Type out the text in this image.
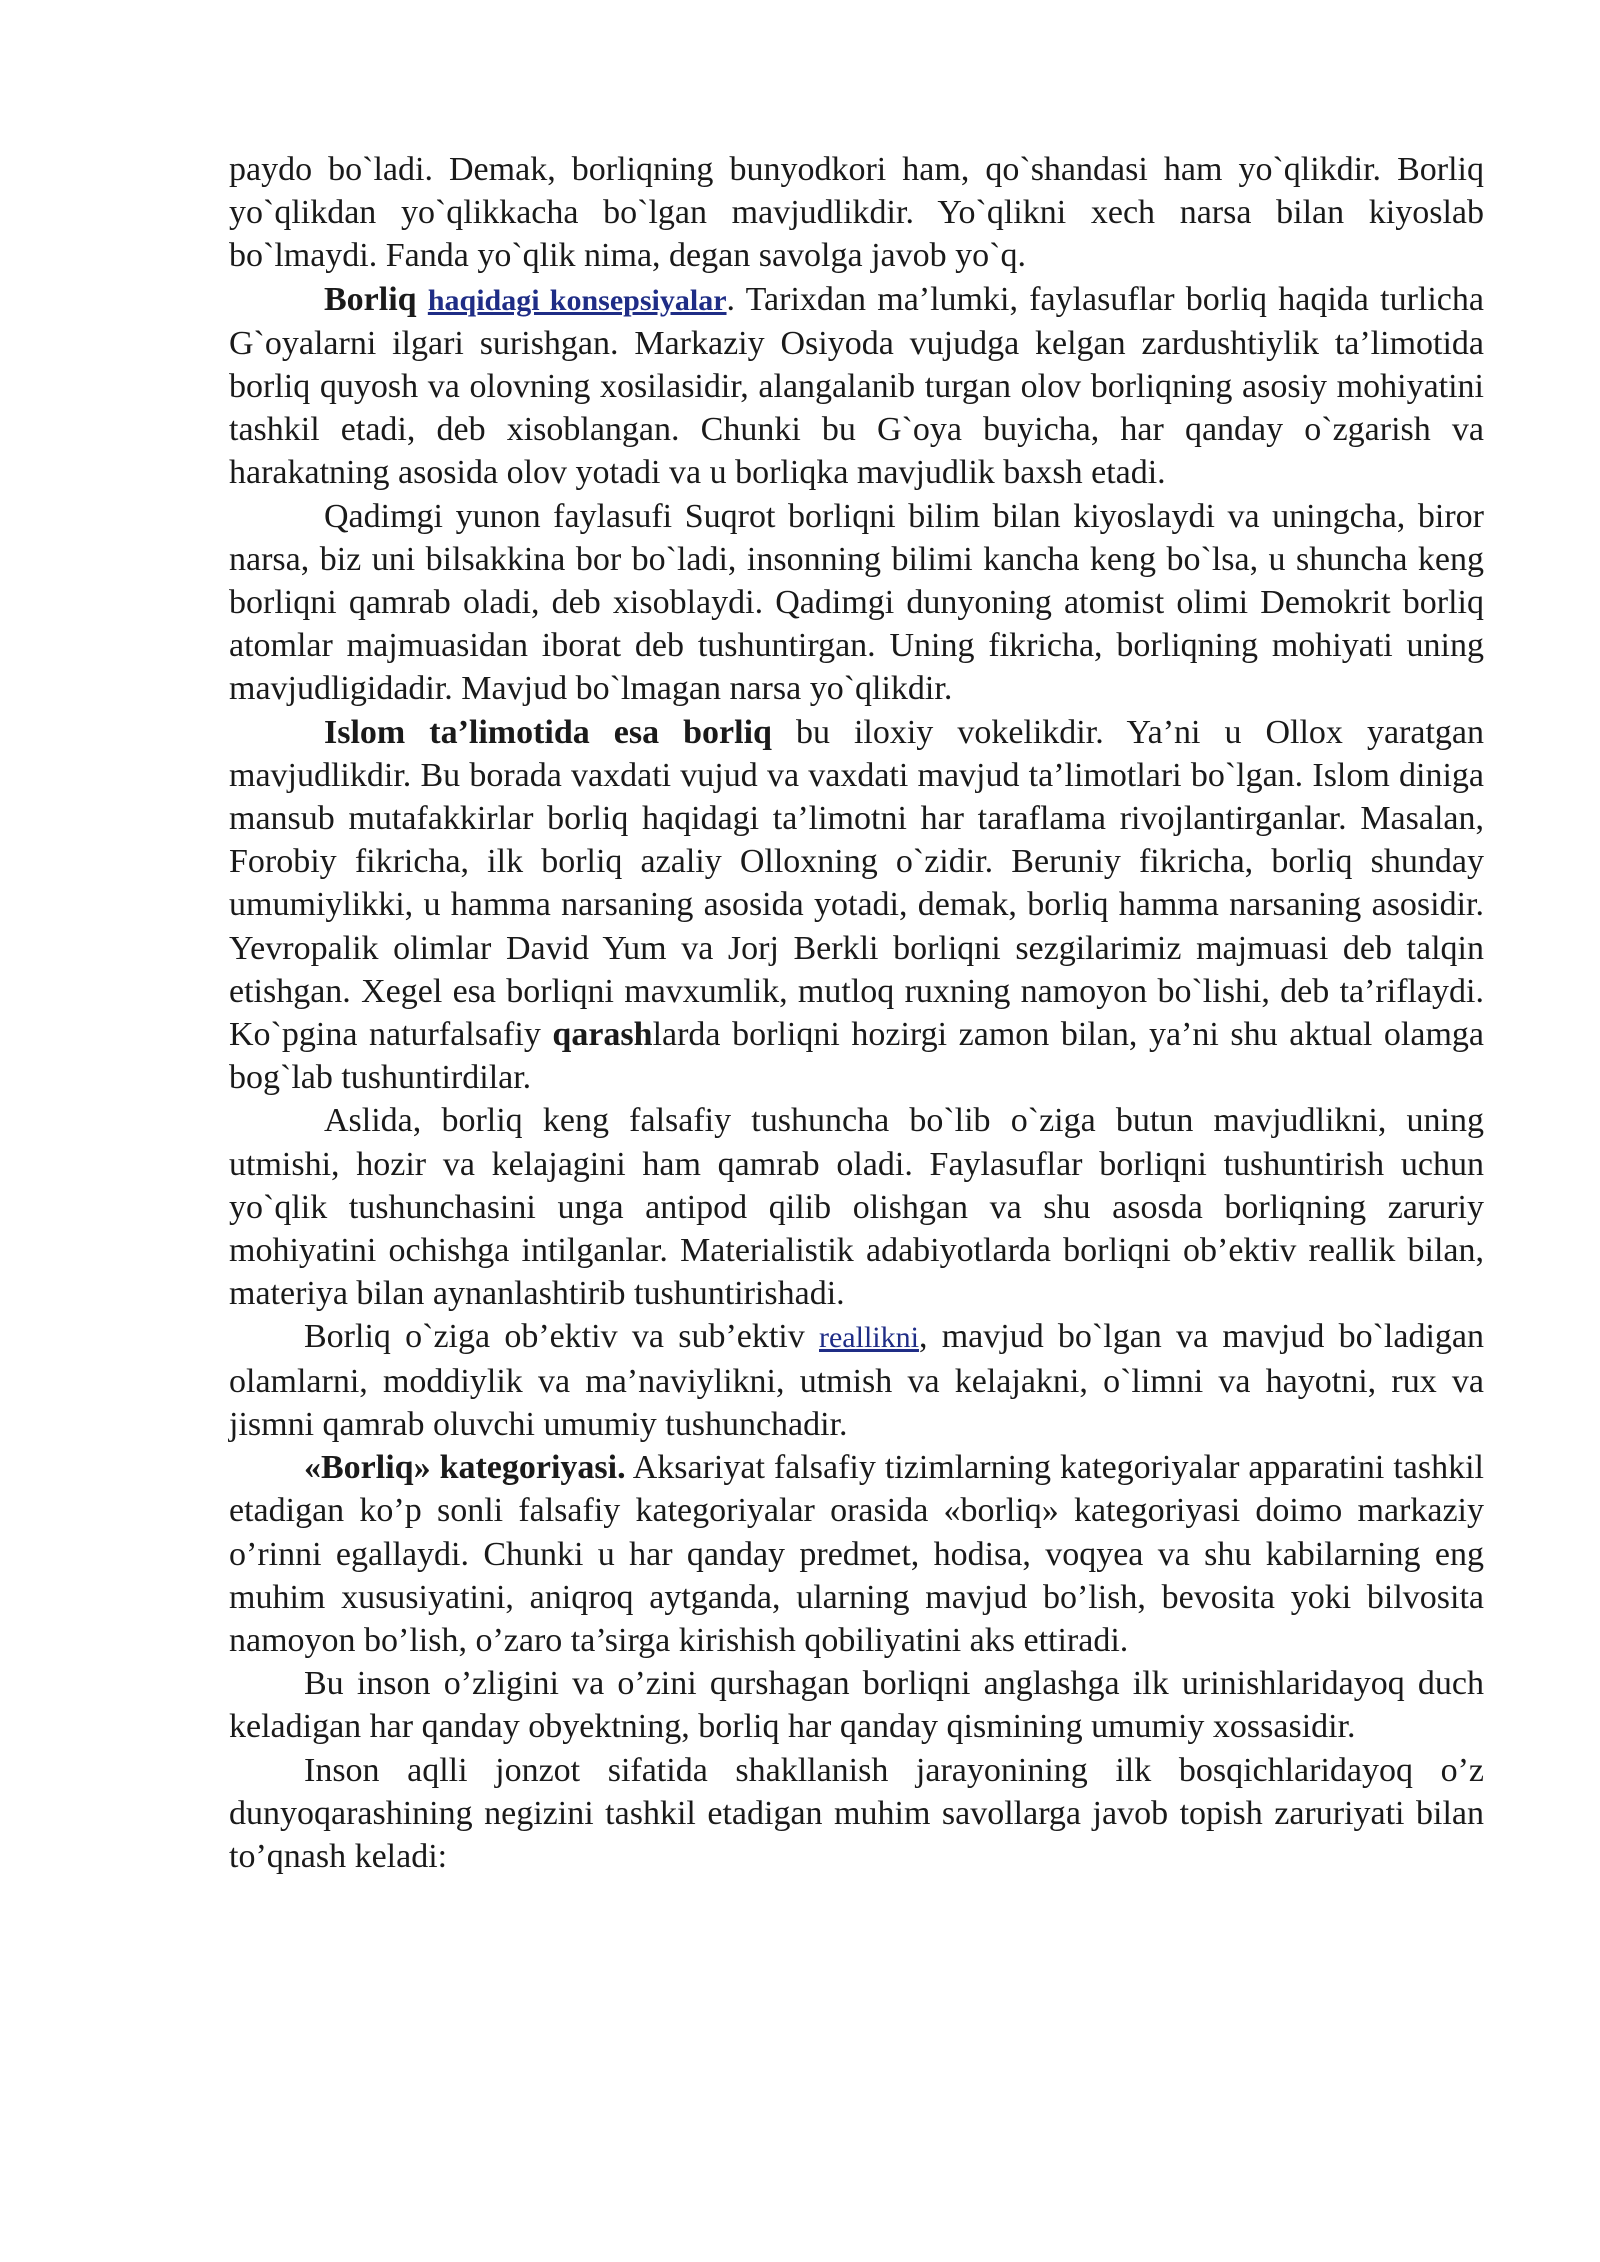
paydo bo`ladi. Demak, borliqning bunyodkori ham, qo`shandasi ham yo`qlikdir. Borliq yo`qlikdan yo`qlikkacha bo`lgan mavjudlikdir. Yo`qlikni xech narsa bilan kiyoslab bo`lmaydi. Fanda yo`qlik nima, degan savolga javob yo`q.

Borliq haqidagi konsepsiyalar. Tarixdan ma’lumki, faylasuflar borliq haqida turlicha G`oyalarni ilgari surishgan. Markaziy Osiyoda vujudga kelgan zardushtiylik ta’limotida borliq quyosh va olovning xosilasidir, alangalanib turgan olov borliqning asosiy mohiyatini tashkil etadi, deb xisoblangan. Chunki bu G`oya buyicha, har qanday o`zgarish va harakatning asosida olov yotadi va u borliqka mavjudlik baxsh etadi.

Qadimgi yunon faylasufi Suqrot borliqni bilim bilan kiyoslaydi va uningcha, biror narsa, biz uni bilsakkina bor bo`ladi, insonning bilimi kancha keng bo`lsa, u shuncha keng borliqni qamrab oladi, deb xisoblaydi. Qadimgi dunyoning atomist olimi Demokrit borliq atomlar majmuasidan iborat deb tushuntirgan. Uning fikricha, borliqning mohiyati uning mavjudligidadir. Mavjud bo`lmagan narsa yo`qlikdir.

Islom ta’limotida esa borliq bu iloxiy vokelikdir. Ya’ni u Ollox yaratgan mavjudlikdir. Bu borada vaxdati vujud va vaxdati mavjud ta’limotlari bo`lgan. Islom diniga mansub mutafakkirlar borliq haqidagi ta’limotni har taraflama rivojlantirganlar. Masalan, Forobiy fikricha, ilk borliq azaliy Olloxning o`zidir. Beruniy fikricha, borliq shunday umumiylikki, u hamma narsaning asosida yotadi, demak, borliq hamma narsaning asosidir. Yevropalik olimlar David Yum va Jorj Berkli borliqni sezgilarimiz majmuasi deb talqin etishgan. Xegel esa borliqni mavxumlik, mutloq ruxning namoyon bo`lishi, deb ta’riflaydi. Ko`pgina naturfalsafiy qarashlarda borliqni hozirgi zamon bilan, ya’ni shu aktual olamga bog`lab tushuntirdilar.

Aslida, borliq keng falsafiy tushuncha bo`lib o`ziga butun mavjudlikni, uning utmishi, hozir va kelajagini ham qamrab oladi. Faylasuflar borliqni tushuntirish uchun yo`qlik tushunchasini unga antipod qilib olishgan va shu asosda borliqning zaruriy mohiyatini ochishga intilganlar. Materialistik adabiyotlarda borliqni ob’ektiv reallik bilan, materiya bilan aynanlashtirib tushuntirishadi.

Borliq o`ziga ob’ektiv va sub’ektiv reallikni, mavjud bo`lgan va mavjud bo`ladigan olamlarni, moddiylik va ma’naviylikni, utmish va kelajakni, o`limni va hayotni, rux va jismni qamrab oluvchi umumiy tushunchadir.

«Borliq» kategoriyasi. Aksariyat falsafiy tizimlarning kategoriyalar apparatini tashkil etadigan ko’p sonli falsafiy kategoriyalar orasida «borliq» kategoriyasi doimo markaziy o’rinni egallaydi. Chunki u har qanday predmet, hodisa, voqyea va shu kabilarning eng muhim xususiyatini, aniqroq aytganda, ularning mavjud bo’lish, bevosita yoki bilvosita namoyon bo’lish, o’zaro ta’sirga kirishish qobiliyatini aks ettiradi.

Bu inson o’zligini va o’zini qurshagan borliqni anglashga ilk urinishlaridayoq duch keladigan har qanday obyektning, borliq har qanday qismining umumiy xossasidir.

Inson aqlli jonzot sifatida shakllanish jarayonining ilk bosqichlaridayoq o’z dunyoqarashining negizini tashkil etadigan muhim savollarga javob topish zaruriyati bilan to’qnash keladi:
